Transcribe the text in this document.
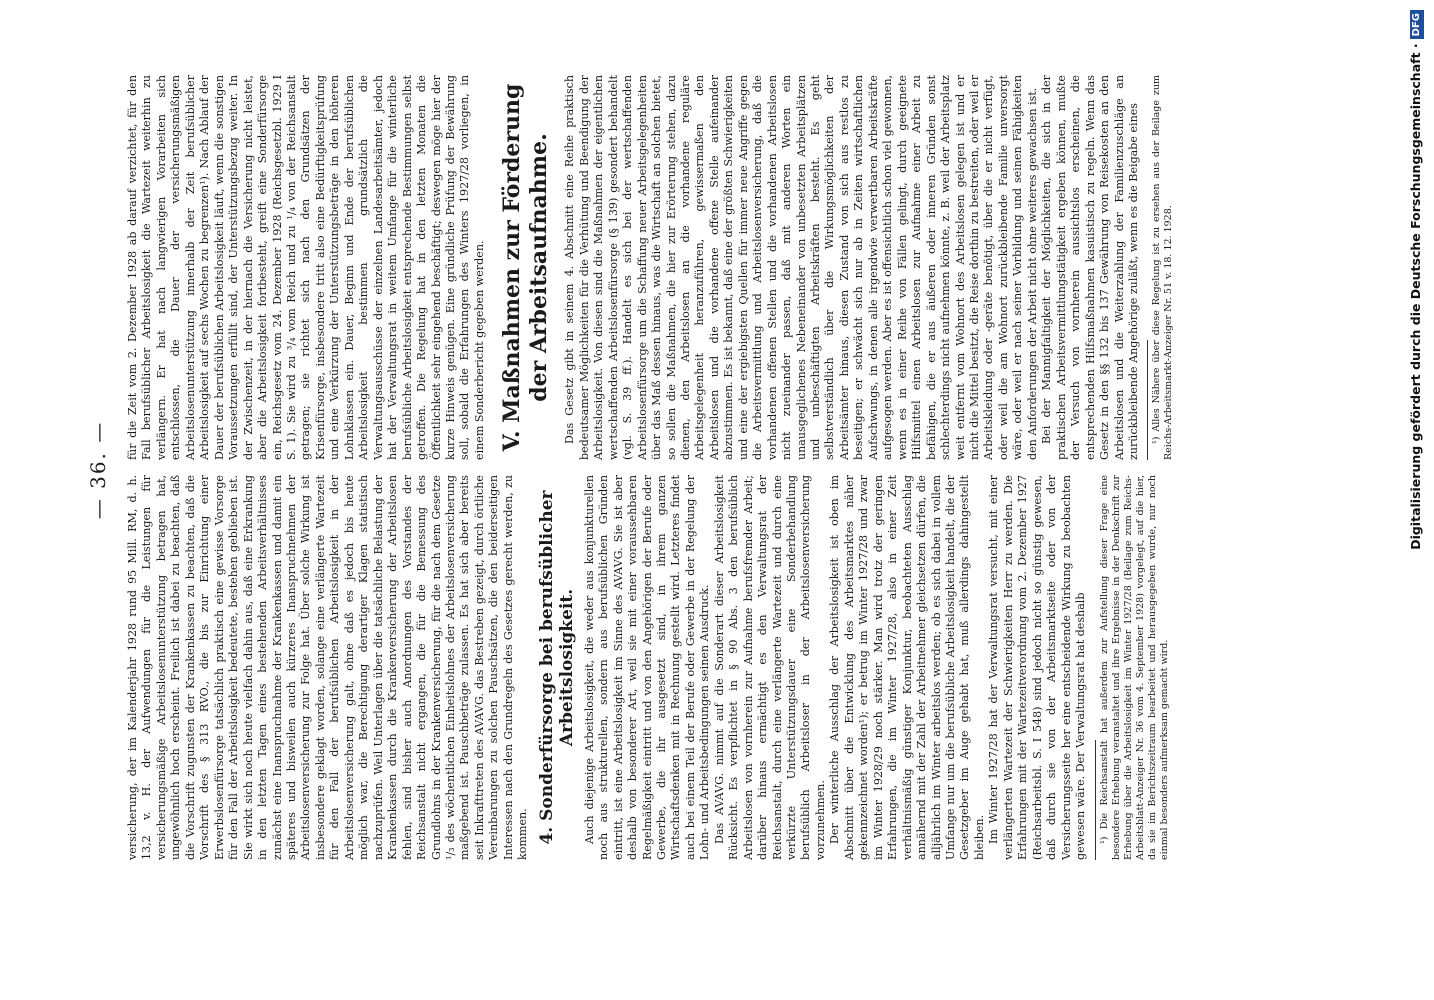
— 36. —

versicherung, der im Kalenderjahr 1928 rund 95 Mill. RM, d. h. 13,2 v. H. der Aufwendungen für die Leistungen für versicherungsmäßige Arbeitslosenunterstützung betragen hat, ungewöhnlich hoch erscheint. Freilich ist dabei zu beachten, daß die Vorschrift zugunsten der Krankenkassen zu beachten, daß die Vorschrift des § 313 RVO., die bis zur Einrichtung einer Erwerbslosenfürsorge tatsächlich praktisch eine gewisse Vorsorge für den Fall der Arbeitslosigkeit bedeutete, bestehen geblieben ist. Sie wirkt sich noch heute vielfach dahin aus, daß eine Erkrankung in den letzten Tagen eines bestehenden Arbeitsverhältnisses zunächst eine Inanspruchnahme der Krankenkassen und damit ein späteres und bisweilen auch kürzeres Inanspruchnehmen der Arbeitslosenversicherung zur Folge hat. Über solche Wirkung ist insbesondere geklagt worden, solange eine verlängerte Wartezeit für den Fall der berufsüblichen Arbeitslosigkeit in der Arbeitslosenversicherung galt, ohne daß es jedoch bis heute möglich war, die Berechtigung derartiger Klagen statistisch nachzuprüfen. Weil Unterlagen über die tatsächliche Belastung der Krankenkassen durch die Krankenversicherung der Arbeitslosen fehlen, sind bisher auch Anordnungen des Vorstandes der Reichsanstalt nicht ergangen, die für die Bemessung des Grundlohns in der Krankenversicherung, für die nach dem Gesetze ¹/₃ des wöchentlichen Einheitslohnes der Arbeitslosenversicherung maßgebend ist. Pauschbeträge zulassen. Es hat sich aber bereits seit Inkrafttreten des AVAVG. das Bestreben gezeigt, durch örtliche Vereinbarungen zu solchen Pauschsätzen, die den beiderseitigen Interessen nach den Grundregeln des Gesetzes gerecht werden, zu kommen. 4. Sonderfürsorge bei berufsüblicher Arbeitslosigkeit. Auch diejenige Arbeitslosigkeit, die weder aus konjunkturellen noch aus strukturellen, sondern aus berufsüblichen Gründen eintritt, ist eine Arbeitslosigkeit im Sinne des AVAVG. Sie ist aber deshalb von besonderer Art, weil sie mit einer voraussehbaren Regelmäßigkeit eintritt und von den Angehörigen der Berufe oder Gewerbe, die ihr ausgesetzt sind, in ihrem ganzen Wirtschaftsdenken mit in Rechnung gestellt wird. Letzteres findet auch bei einem Teil der Berufe oder Gewerbe in der Regelung der Lohn- und Arbeitsbedingungen seinen Ausdruck. Das AVAVG. nimmt auf die Sonderart dieser Arbeitslosigkeit Rücksicht. Es verpflichtet in § 90 Abs. 3 den berufsüblich Arbeitslosen von vornherein zur Aufnahme berufsfremder Arbeit; darüber hinaus ermächtigt es den Verwaltungsrat der Reichsanstalt, durch eine verlängerte Wartezeit und durch eine verkürzte Unterstützungsdauer eine Sonderbehandlung berufsüblich Arbeitsloser in der Arbeitslosenversicherung vorzunehmen. Der winterliche Ausschlag der Arbeitslosigkeit ist oben im Abschnitt über die Entwicklung des Arbeitsmarktes näher gekennzeichnet worden¹); er betrug im Winter 1927/28 und zwar im Winter 1928/29 noch stärker. Man wird trotz der geringen Erfahrungen, die im Winter 1927/28, also in einer Zeit verhältnismäßig günstiger Konjunktur, beobachteten Ausschlag annähernd mit der Zahl der Arbeitnehmer gleichsetzen dürfen, die alljährlich im Winter arbeitslos werden; ob es sich dabei in vollem Umfange nur um die berufsübliche Arbeitslosigkeit handelt, die der Gesetzgeber im Auge gehabt hat, muß allerdings dahingestellt bleiben. Im Winter 1927/28 hat der Verwaltungsrat versucht, mit einer verlängerten Wartezeit der Schwierigkeiten Herr zu werden. Die Erfahrungen mit der Wartezeitverordnung vom 2. Dezember 1927 (Reichsarbeitsbl. S. I 548) sind jedoch nicht so günstig gewesen, daß durch sie von der Arbeitsmarktseite oder von der Versicherungsseite her eine entscheidende Wirkung zu beobachten gewesen wäre. Der Verwaltungsrat hat deshalb ¹) Die Reichsanstalt hat außerdem zur Aufstellung dieser Frage eine besondere Erhebung veranstaltet und ihre Ergebnisse in der Denkschrift zur Erhebung über die Arbeitslosigkeit im Winter 1927/28 (Beilage zum Reichs-Arbeitsblatt-Anzeiger Nr. 36 vom 4. September 1928) vorgelegt, auf die hier, da sie im Berichtszeitraum bearbeitet und herausgegeben wurde, nur noch einmal besonders aufmerksam gemacht wird.

für die Zeit vom 2. Dezember 1928 ab darauf verzichtet, für den Fall berufsüblicher Arbeitslosigkeit die Wartezeit weiterhin zu verlängern. Er hat nach langwierigen Vorarbeiten sich entschlossen, die Dauer der versicherungsmäßigen Arbeitslosenunterstützung innerhalb der Zeit berufsüblicher Arbeitslosigkeit auf sechs Wochen zu begrenzen¹). Nach Ablauf der Dauer der berufsüblichen Arbeitslosigkeit läuft, wenn die sonstigen Voraussetzungen erfüllt sind, der Unterstützungsbezug weiter. In der Zwischenzeit, in der hiernach die Versicherung nicht leistet, aber die Arbeitslosigkeit fortbesteht, greift eine Sonderfürsorge ein, Reichsgesetz vom 24. Dezember 1928 (Reichsgesetzbl. 1929 I S. 1). Sie wird zu ³/₄ vom Reich und zu ¹/₄ von der Reichsanstalt getragen; sie richtet sich nach den Grundsätzen der Krisenfürsorge, insbesondere tritt also eine Bedürftigkeitsprüfung und eine Verkürzung der Unterstützungsbeträge in den höheren Lohnklassen ein. Dauer, Beginn und Ende der berufsüblichen Arbeitslosigkeit bestimmen grundsätzlich die Verwaltungsausschüsse der einzelnen Landesarbeitsämter, jedoch hat der Verwaltungsrat in weitem Umfange für die winterliche berufsübliche Arbeitslosigkeit entsprechende Bestimmungen selbst getroffen. Die Regelung hat in den letzten Monaten die Öffentlichkeit sehr eingehend beschäftigt; deswegen möge hier der kurze Hinweis genügen. Eine gründliche Prüfung der Bewährung soll, sobald die Erfahrungen des Winters 1927/28 vorliegen, in einem Sonderbericht gegeben werden. V. Maßnahmen zur Förderung der Arbeitsaufnahme. Das Gesetz gibt in seinem 4. Abschnitt eine Reihe praktisch bedeutsamer Möglichkeiten für die Verhütung und Beendigung der Arbeitslosigkeit. Von diesen sind die Maßnahmen der eigentlichen wertschaffenden Arbeitslosenfürsorge (§ 139) gesondert behandelt (vgl. S. 39 ff.). Handelt es sich bei der wertschaffenden Arbeitslosenfürsorge um die Schaffung neuer Arbeitsgelegenheiten über das Maß dessen hinaus, was die Wirtschaft an solchen bietet, so sollen die Maßnahmen, die hier zur Erörterung stehen, dazu dienen, den Arbeitslosen an die vorhandene reguläre Arbeitsgelegenheit heranzuführen, gewissermaßen den Arbeitslosen und die vorhandene offene Stelle aufeinander abzustimmen. Es ist bekannt, daß eine der größten Schwierigkeiten und eine der ergiebigsten Quellen für immer neue Angriffe gegen die Arbeitsvermittlung und Arbeitslosenversicherung, daß die vorhandenen offenen Stellen und die vorhandenen Arbeitslosen nicht zueinander passen, daß mit anderen Worten ein unausgeglichenes Nebeneinander von unbesetzten Arbeitsplätzen und unbeschäftigten Arbeitskräften besteht. Es geht selbstverständlich über die Wirkungsmöglichkeiten der Arbeitsämter hinaus, diesen Zustand von sich aus restlos zu beseitigen; er schwächt sich nur ab in Zeiten wirtschaftlichen Aufschwungs, in denen alle irgendwie verwertbaren Arbeitskräfte aufgesogen werden. Aber es ist offensichtlich schon viel gewonnen, wenn es in einer Reihe von Fällen gelingt, durch geeignete Hilfsmittel einen Arbeitslosen zur Aufnahme einer Arbeit zu befähigen, die er aus äußeren oder inneren Gründen sonst schlechterdings nicht aufnehmen könnte, z. B. weil der Arbeitsplatz weit entfernt vom Wohnort des Arbeitslosen gelegen ist und er nicht die Mittel besitzt, die Reise dorthin zu bestreiten, oder weil er Arbeitskleidung oder -geräte benötigt, über die er nicht verfügt, oder weil die am Wohnort zurückbleibende Familie unversorgt wäre, oder weil er nach seiner Vorbildung und seinen Fähigkeiten den Anforderungen der Arbeit nicht ohne weiteres gewachsen ist. Bei der Mannigfaltigkeit der Möglichkeiten, die sich in der praktischen Arbeitsvermittlungstätigkeit ergeben können, mußte der Versuch von vornherein aussichtslos erscheinen, die entsprechenden Hilfsmaßnahmen kasuistisch zu regeln. Wenn das Gesetz in den §§ 132 bis 137 Gewährung von Reisekosten an den Arbeitslosen und die Weiterzahlung der Familienzuschläge an zurückbleibende Angehörige zuläßt, wenn es die Beigabe eines ¹) Alles Nähere über diese Regelung ist zu ersehen aus der Beilage zum Reichs-Arbeitsmarkt-Anzeiger Nr. 51 v. 18. 12. 1928.	Digitalisierung gefördert durch die Deutsche Forschungsgemeinschaft ·DFG
